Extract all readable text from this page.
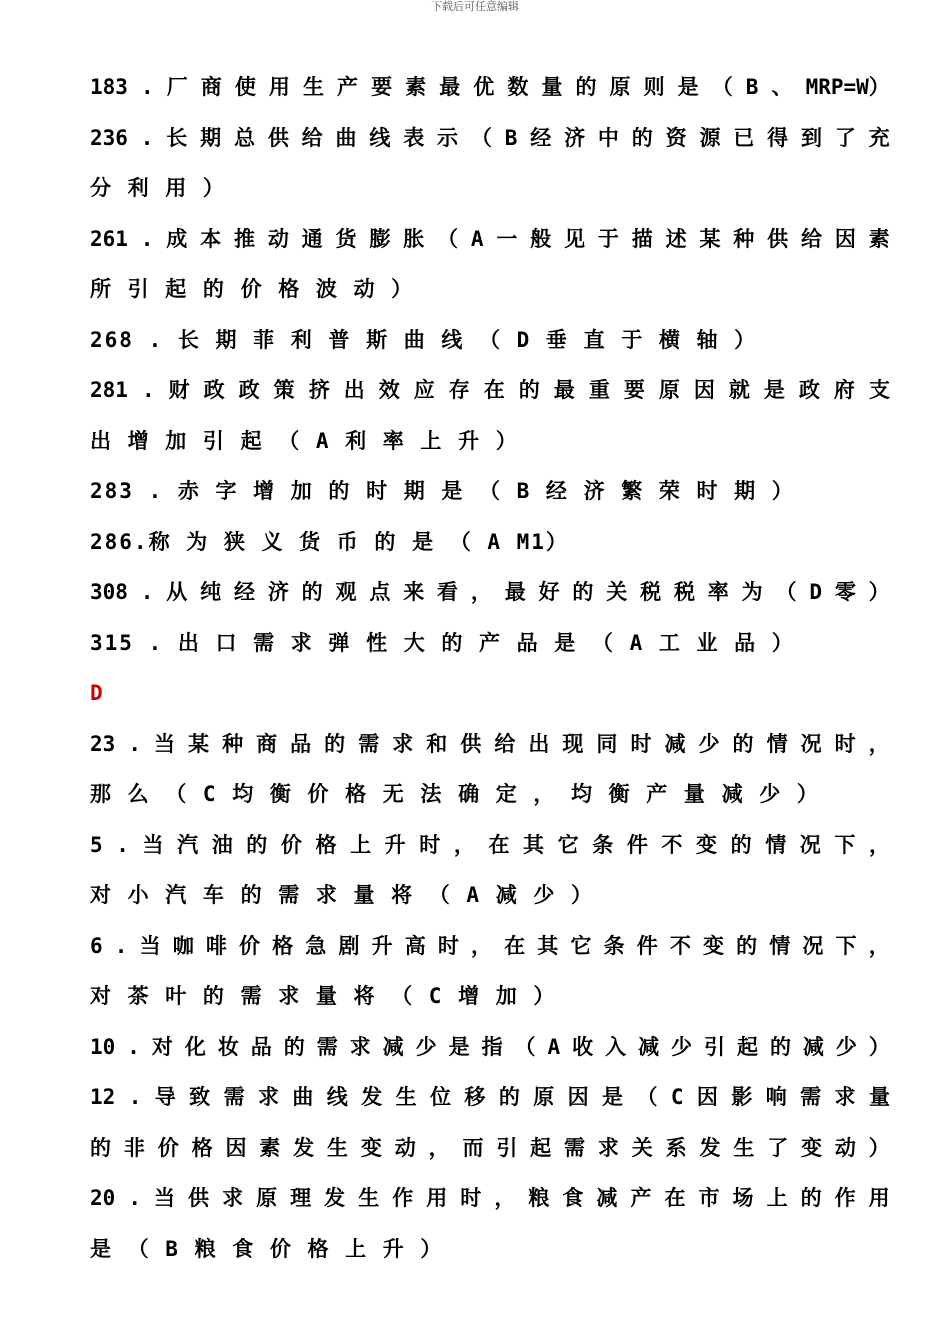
下载后可任意编辑
183 . 厂 商 使 用 生 产 要 素 最 优 数 量 的 原 则 是 （ B 、 MRP=W）
236 . 长 期 总 供 给 曲 线 表 示 （ B 经 济 中 的 资 源 已 得 到 了 充
分 利 用 ）
261 . 成 本 推 动 通 货 膨 胀 （ A 一 般 见 于 描 述 某 种 供 给 因 素
所 引 起 的 价 格 波 动 ）
268 . 长 期 菲 利 普 斯 曲 线 （ D 垂 直 于 横 轴 ）
281 . 财 政 政 策 挤 出 效 应 存 在 的 最 重 要 原 因 就 是 政 府 支
出 增 加 引 起 （ A 利 率 上 升 ）
283 . 赤 字 增 加 的 时 期 是 （ B 经 济 繁 荣 时 期 ）
286.称 为 狭 义 货 币 的 是 （ A M1）
308 . 从 纯 经 济 的 观 点 来 看 ， 最 好 的 关 税 税 率 为 （ D 零 ）
315 . 出 口 需 求 弹 性 大 的 产 品 是 （ A 工 业 品 ）
D
23 . 当 某 种 商 品 的 需 求 和 供 给 出 现 同 时 减 少 的 情 况 时 ，
那 么 （ C 均 衡 价 格 无 法 确 定 ， 均 衡 产 量 减 少 ）
5 . 当 汽 油 的 价 格 上 升 时 ， 在 其 它 条 件 不 变 的 情 况 下 ，
对 小 汽 车 的 需 求 量 将 （ A 减 少 ）
6 . 当 咖 啡 价 格 急 剧 升 高 时 ， 在 其 它 条 件 不 变 的 情 况 下 ，
对 茶 叶 的 需 求 量 将 （ C 增 加 ）
10 . 对 化 妆 品 的 需 求 减 少 是 指 （ A 收 入 减 少 引 起 的 减 少 ）
12 . 导 致 需 求 曲 线 发 生 位 移 的 原 因 是 （ C 因 影 响 需 求 量
的 非 价 格 因 素 发 生 变 动 ， 而 引 起 需 求 关 系 发 生 了 变 动 ）
20 . 当 供 求 原 理 发 生 作 用 时 ， 粮 食 减 产 在 市 场 上 的 作 用
是 （ B 粮 食 价 格 上 升 ）
